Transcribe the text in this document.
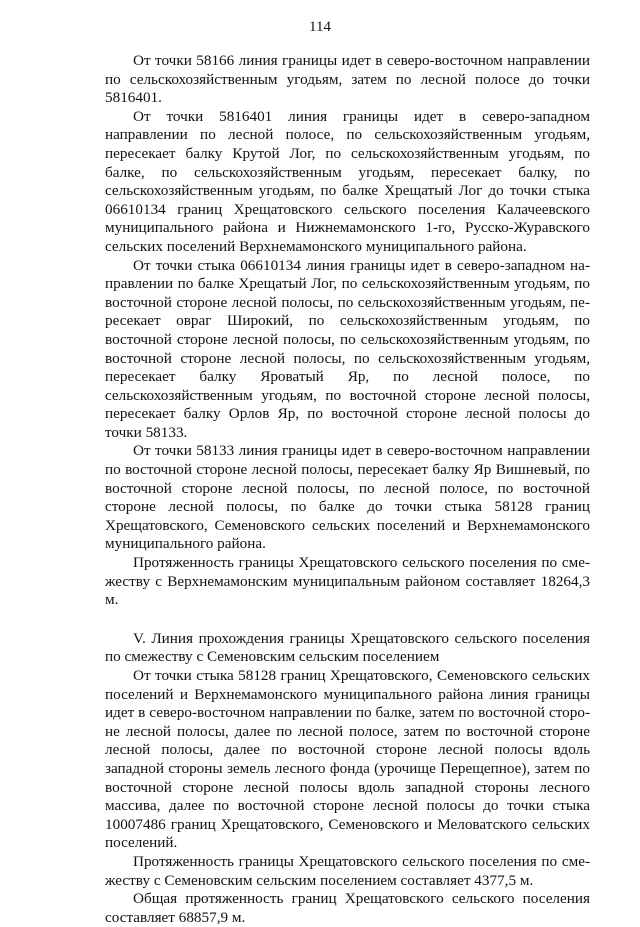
114

От точки 58166 линия границы идет в северо-восточном направлении по сельскохозяйственным угодьям, затем по лесной полосе до точки 5816401.

От точки 5816401 линия границы идет в северо-западном направлении по лесной полосе, по сельскохозяйственным угодьям, пересекает балку Крутой Лог, по сельскохозяйственным угодьям, по балке, по сельскохозяйственным угодьям, пересекает балку, по сельскохозяйственным угодьям, по балке Хрещатый Лог до точки стыка 06610134 границ Хрещатовского сельского поселения Калачеевского муниципального района и Нижнемамонского 1-го, Русско-Журавского сельских поселений Верхнемамонского муниципального района.

От точки стыка 06610134 линия границы идет в северо-западном направлении по балке Хрещатый Лог, по сельскохозяйственным угодьям, по восточной стороне лесной полосы, по сельскохозяйственным угодьям, пересекает овраг Широкий, по сельскохозяйственным угодьям, по восточной стороне лесной полосы, по сельскохозяйственным угодьям, по восточной стороне лесной полосы, по сельскохозяйственным угодьям, пересекает балку Яроватый Яр, по лесной полосе, по сельскохозяйственным угодьям, по восточной стороне лесной полосы, пересекает балку Орлов Яр, по восточной стороне лесной полосы до точки 58133.

От точки 58133 линия границы идет в северо-восточном направлении по восточной стороне лесной полосы, пересекает балку Яр Вишневый, по восточной стороне лесной полосы, по лесной полосе, по восточной стороне лесной полосы, по балке до точки стыка 58128 границ Хрещатовского, Семеновского сельских поселений и Верхнемамонского муниципального района.

Протяженность границы Хрещатовского сельского поселения по смежеству с Верхнемамонским муниципальным районом составляет 18264,3 м.

V. Линия прохождения границы Хрещатовского сельского поселения по смежеству с Семеновским сельским поселением

От точки стыка 58128 границ Хрещатовского, Семеновского сельских поселений и Верхнемамонского муниципального района линия границы идет в северо-восточном направлении по балке, затем по восточной стороне лесной полосы, далее по лесной полосе, затем по восточной стороне лесной полосы, далее по восточной стороне лесной полосы вдоль западной стороны земель лесного фонда (урочище Перещепное), затем по восточной стороне лесной полосы вдоль западной стороны лесного массива, далее по восточной стороне лесной полосы до точки стыка 10007486 границ Хрещатовского, Семеновского и Меловатского сельских поселений.

Протяженность границы Хрещатовского сельского поселения по смежеству с Семеновским сельским поселением составляет 4377,5 м.

Общая протяженность границ Хрещатовского сельского поселения составляет 68857,9 м.
